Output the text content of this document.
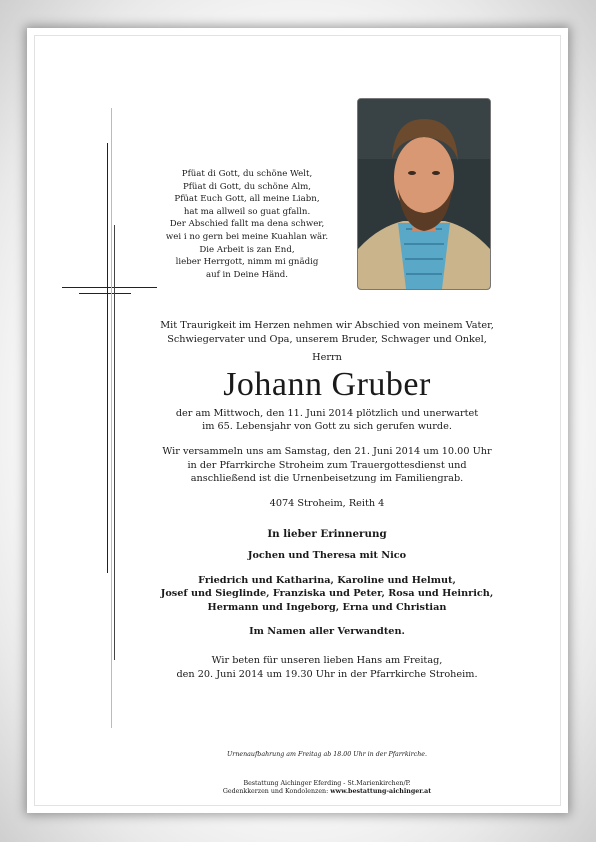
Pfüat di Gott, du schöne Welt,
Pfüat di Gott, du schöne Alm,
Pfüat Euch Gott, all meine Liabn,
hat ma allweil so guat gfalln.
Der Abschied fallt ma dena schwer,
wei i no gern bei meine Kuahlan wär.
Die Arbeit is zan End,
lieber Herrgott, nimm mi gnädig
auf in Deine Händ.
Mit Traurigkeit im Herzen nehmen wir Abschied von meinem Vater,
Schwiegervater und Opa, unserem Bruder, Schwager und Onkel,
Herrn
Johann Gruber
der am Mittwoch, den 11. Juni 2014 plötzlich und unerwartet
im 65. Lebensjahr von Gott zu sich gerufen wurde.
Wir versammeln uns am Samstag, den 21. Juni 2014 um 10.00 Uhr
in der Pfarrkirche Stroheim zum Trauergottesdienst und
anschließend ist die Urnenbeisetzung im Familiengrab.
4074 Stroheim, Reith 4
In lieber Erinnerung
Jochen und Theresa mit Nico
Friedrich und Katharina, Karoline und Helmut,
Josef und Sieglinde, Franziska und Peter, Rosa und Heinrich,
Hermann und Ingeborg, Erna und Christian
Im Namen aller Verwandten.
Wir beten für unseren lieben Hans am Freitag,
den 20. Juni 2014 um 19.30 Uhr in der Pfarrkirche Stroheim.
Urnenaufbahrung am Freitag ab 18.00 Uhr in der Pfarrkirche.
Bestattung Aichinger Eferding - St.Marienkirchen/P.
Gedenkkerzen und Kondolenzen: www.bestattung-aichinger.at
